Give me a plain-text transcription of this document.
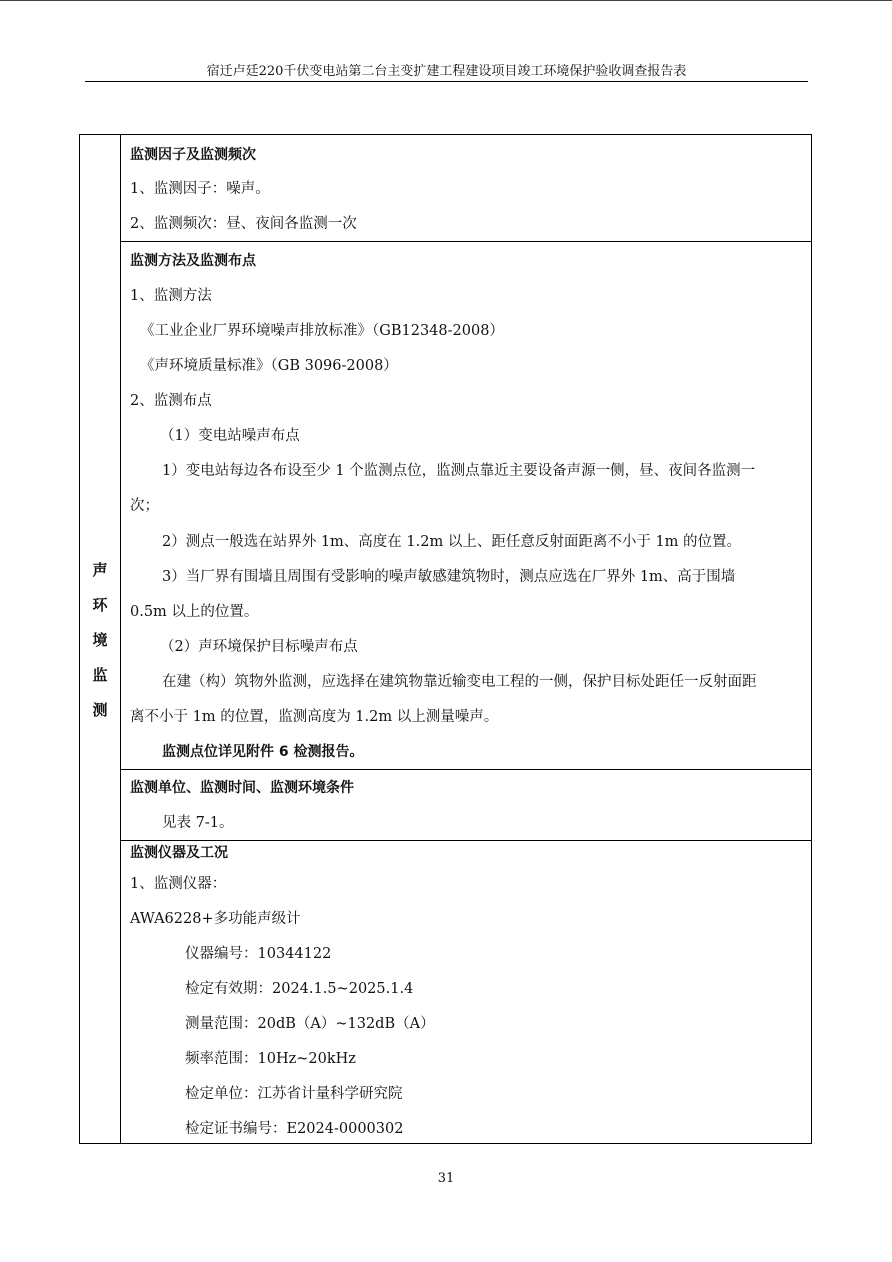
宿迁卢廷220千伏变电站第二台主变扩建工程建设项目竣工环境保护验收调查报告表
声
环
境
监
测
监测因子及监测频次
1、监测因子：噪声。
2、监测频次：昼、夜间各监测一次
监测方法及监测布点
1、监测方法
《工业企业厂界环境噪声排放标准》（GB12348-2008）
《声环境质量标准》（GB 3096-2008）
2、监测布点
（1）变电站噪声布点
1）变电站每边各布设至少 1 个监测点位，监测点靠近主要设备声源一侧，昼、夜间各监测一
次；
2）测点一般选在站界外 1m、高度在 1.2m 以上、距任意反射面距离不小于 1m 的位置。
3）当厂界有围墙且周围有受影响的噪声敏感建筑物时，测点应选在厂界外 1m、高于围墙
0.5m 以上的位置。
（2）声环境保护目标噪声布点
在建（构）筑物外监测，应选择在建筑物靠近输变电工程的一侧，保护目标处距任一反射面距
离不小于 1m 的位置，监测高度为 1.2m 以上测量噪声。
监测点位详见附件 6 检测报告。
监测单位、监测时间、监测环境条件
见表 7-1。
监测仪器及工况
1、监测仪器：
AWA6228+多功能声级计
仪器编号：10344122
检定有效期：2024.1.5~2025.1.4
测量范围：20dB（A）~132dB（A）
频率范围：10Hz~20kHz
检定单位：江苏省计量科学研究院
检定证书编号：E2024-0000302
31
